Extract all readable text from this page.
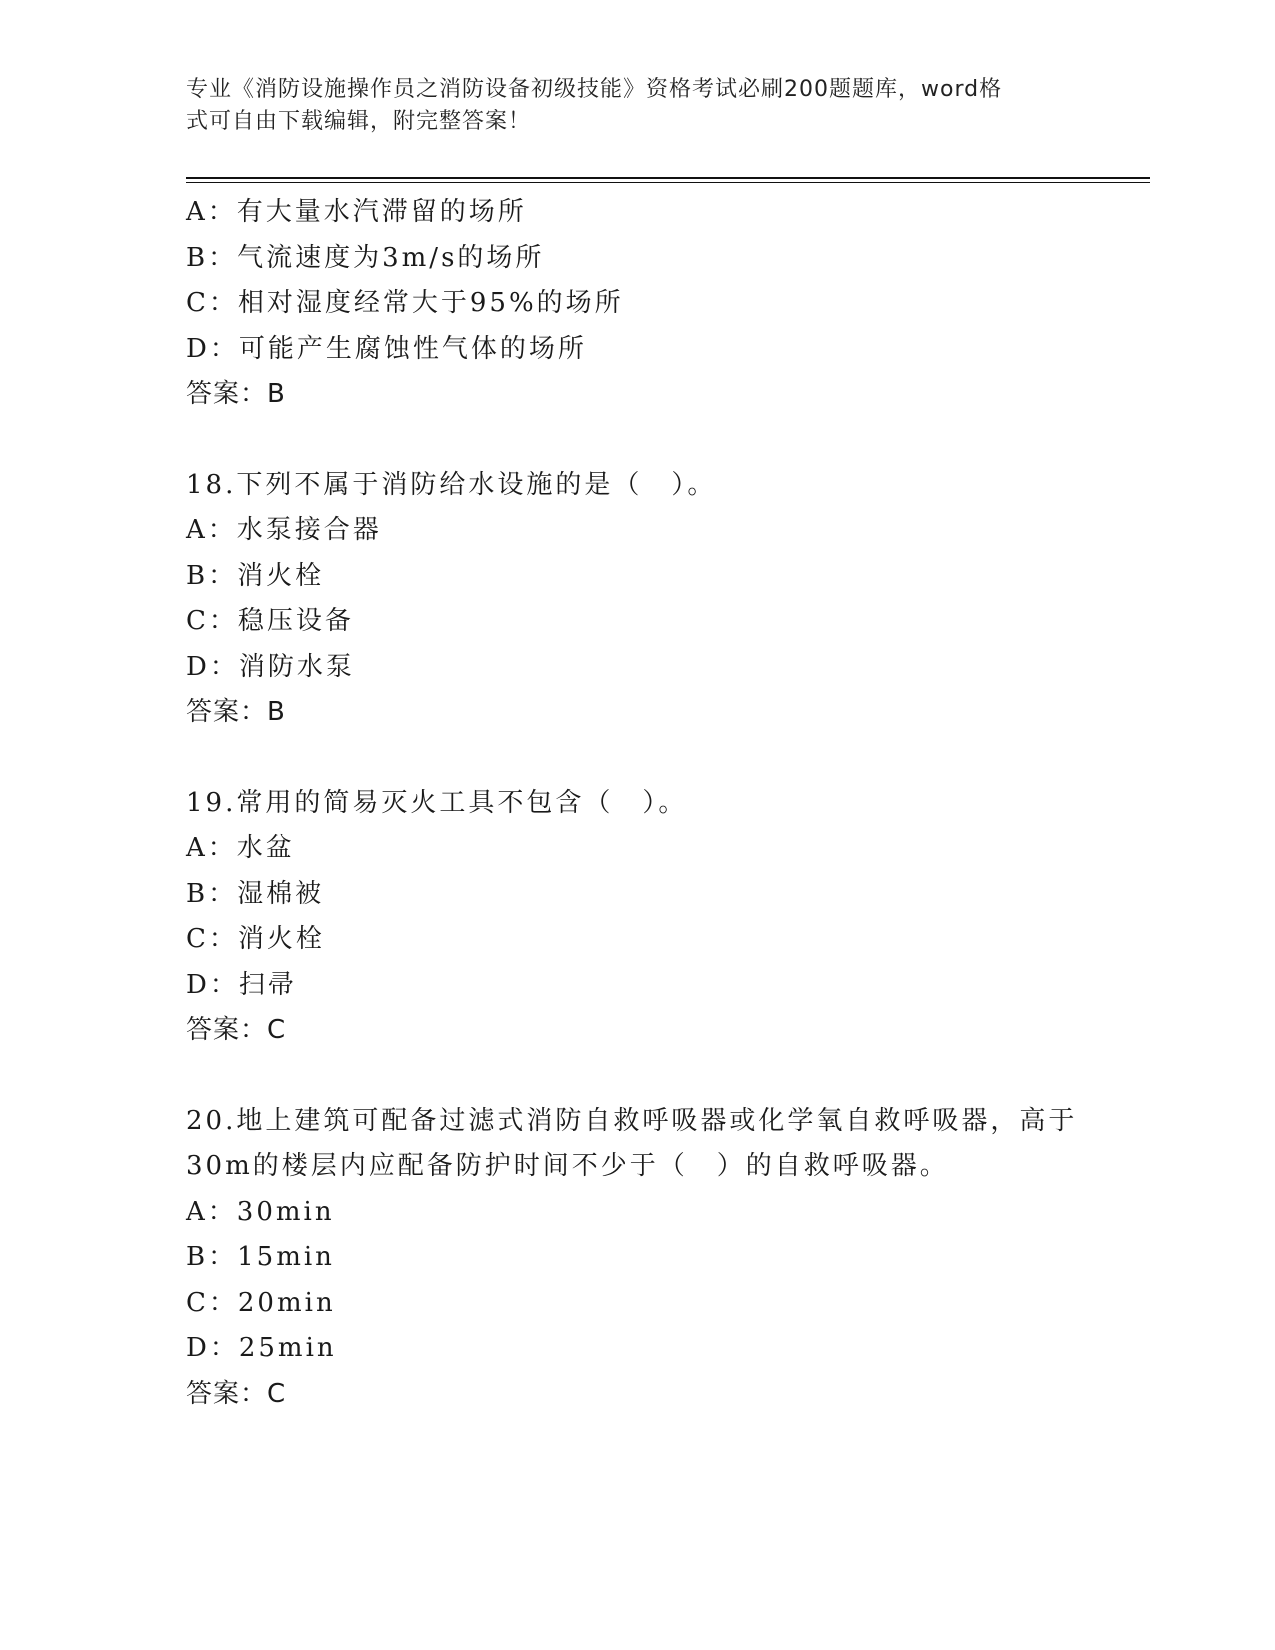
专业《消防设施操作员之消防设备初级技能》资格考试必刷200题题库，word格
式可自由下载编辑，附完整答案！
A：有大量水汽滞留的场所
B：气流速度为3m/s的场所
C：相对湿度经常大于95%的场所
D：可能产生腐蚀性气体的场所
答案：B
18.下列不属于消防给水设施的是（　）。
A：水泵接合器
B：消火栓
C：稳压设备
D：消防水泵
答案：B
19.常用的简易灭火工具不包含（　）。
A：水盆
B：湿棉被
C：消火栓
D：扫帚
答案：C
20.地上建筑可配备过滤式消防自救呼吸器或化学氧自救呼吸器，高于
30m的楼层内应配备防护时间不少于（　）的自救呼吸器。
A：30min
B：15min
C：20min
D：25min
答案：C
